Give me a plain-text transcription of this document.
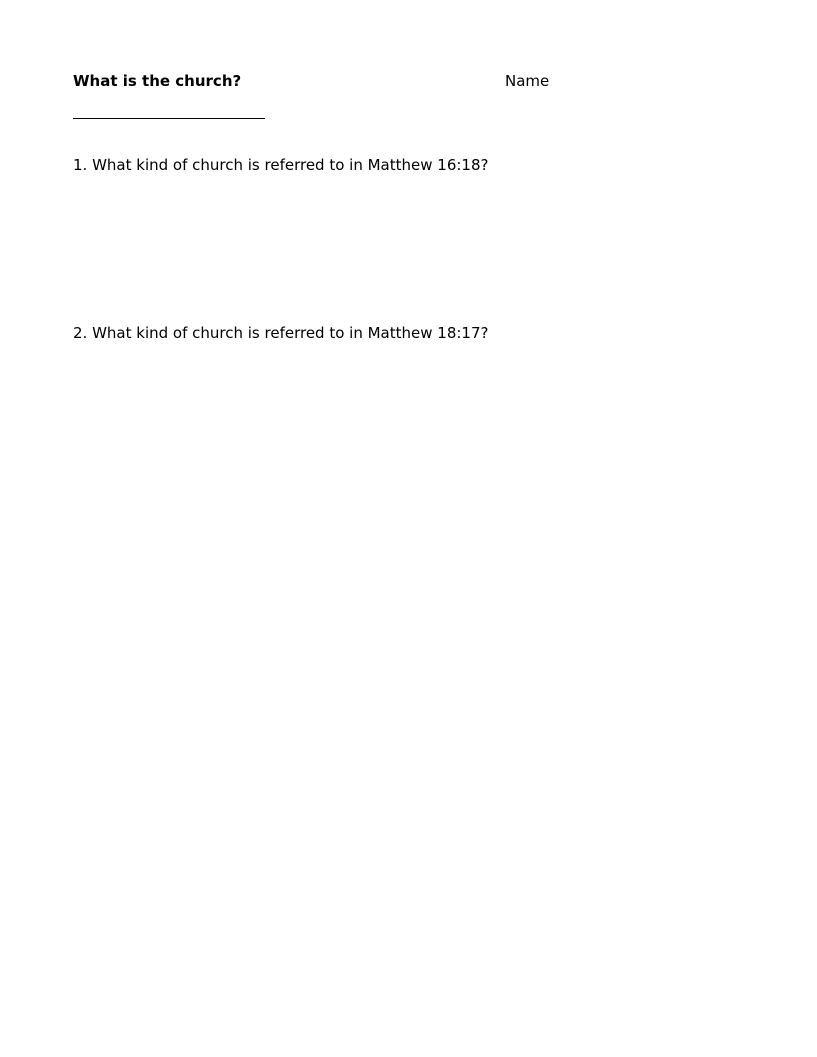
What is the church?	Name
1. What kind of church is referred to in Matthew 16:18?
2. What kind of church is referred to in Matthew 18:17?
